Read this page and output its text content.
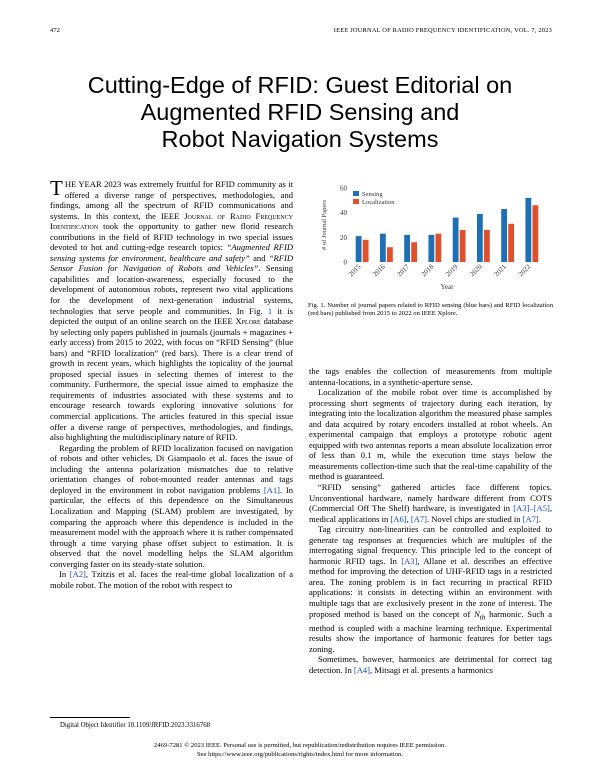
472	IEEE JOURNAL OF RADIO FREQUENCY IDENTIFICATION, VOL. 7, 2023
Cutting-Edge of RFID: Guest Editorial on
Augmented RFID Sensing and
Robot Navigation Systems

THE YEAR 2023 was extremely fruitful for RFID community as it offered a diverse range of perspectives, methodologies, and findings, among all the spectrum of RFID communications and systems. In this context, the IEEE Journal of Radio Frequency Identification took the opportunity to gather new florid research contributions in the field of RFID technology in two special issues devoted to hot and cutting-edge research topics: “Augmented RFID sensing systems for environment, healthcare and safety” and “RFID Sensor Fusion for Navigation of Robots and Vehicles”. Sensing capabilities and location-awareness, especially focused to the development of autonomous robots, represent two vital applications for the development of next-generation industrial systems, technologies that serve people and communities. In Fig. 1 it is depicted the output of an online search on the IEEE Xplore database by selecting only papers published in journals (journals + magazines + early access) from 2015 to 2022, with focus on “RFID Sensing” (blue bars) and “RFID localization” (red bars). There is a clear trend of growth in recent years, which highlights the topicality of the journal proposed special issues in selecting themes of interest to the community. Furthermore, the special issue aimed to emphasize the requirements of industries associated with these systems and to encourage research towards exploring innovative solutions for commercial applications. The articles featured in this special issue offer a diverse range of perspectives, methodologies, and findings, also highlighting the multidisciplinary nature of RFID.

Regarding the problem of RFID localization focused on navigation of robots and other vehicles, Di Giampaolo et al. faces the issue of including the antenna polarization mismatches due to relative orientation changes of robot-mounted reader antennas and tags deployed in the environment in robot navigation problems [A1]. In particular, the effects of this dependence on the Simultaneous Localization and Mapping (SLAM) problem are investigated, by comparing the approach where this dependence is included in the measurement model with the approach where it is rather compensated through a time varying phase offset subject to estimation. It is observed that the novel modelling helps the SLAM algorithm converging faster on its steady-state solution.

In [A2], Tzitzis et al. faces the real-time global localization of a mobile robot. The motion of the robot with respect to

Digital Object Identifier 10.1109/JRFID.2023.3316768
0
20
40
60
# of Journal Papers
2015 2016 2017 2018 2019 2020 2021 2022
Year
Sensing
Localization
Fig. 1. Number of journal papers related to RFID sensing (blue bars) and RFID localization (red bars) published from 2015 to 2022 on IEEE Xplore.

the tags enables the collection of measurements from multiple antenna-locations, in a synthetic-aperture sense.

Localization of the mobile robot over time is accomplished by processing short segments of trajectory during each iteration, by integrating into the localization algorithm the measured phase samples and data acquired by rotary encoders installed at robot wheels. An experimental campaign that employs a prototype robotic agent equipped with two antennas reports a mean absolute localization error of less than 0.1 m, while the execution time stays below the measurements collection-time such that the real-time capability of the method is guaranteed.

“RFID sensing” gathered articles face different topics. Unconventional hardware, namely hardware different from COTS (Commercial Off The Shelf) hardware, is investigated in [A3]–[A5], medical applications in [A6], [A7]. Novel chips are studied in [A7].

Tag circuitry non-linearities can be controlled and exploited to generate tag responses at frequencies which are multiples of the interrogating signal frequency. This principle led to the concept of harmonic RFID tags. In [A3], Allane et al. describes an effective method for improving the detection of UHF-RFID tags in a restricted area. The zoning problem is in fact recurring in practical RFID applications: it consists in detecting within an environment with multiple tags that are exclusively present in the zone of interest. The proposed method is based on the concept of $N_{th}$ harmonic. Such a method is coupled with a machine learning technique. Experimental results show the importance of harmonic features for better tags zoning.

Sometimes, however, harmonics are detrimental for correct tag detection. In [A4], Mitsagi et al. presents a harmonics

2469-7281 © 2023 IEEE. Personal use is permitted, but republication/redistribution requires IEEE permission.
See https://www.ieee.org/publications/rights/index.html for more information.
